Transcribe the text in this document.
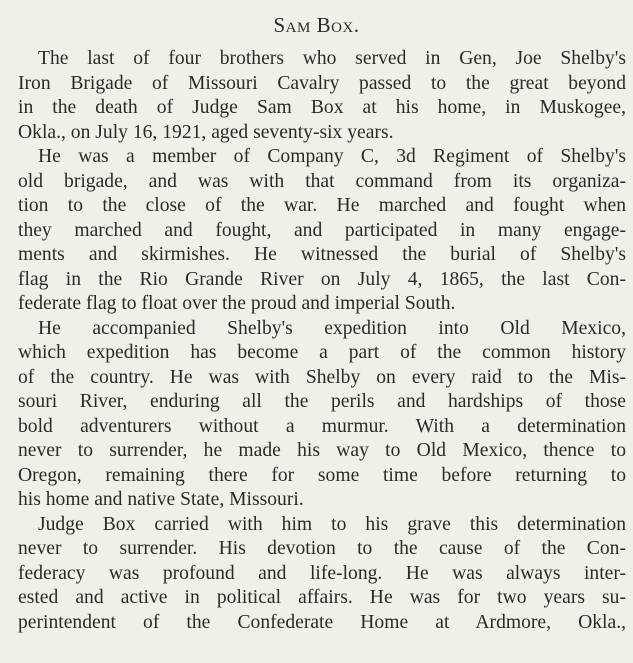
Sam Box.
The last of four brothers who served in Gen, Joe Shelby's
Iron Brigade of Missouri Cavalry passed to the great beyond
in the death of Judge Sam Box at his home, in Muskogee,
Okla., on July 16, 1921, aged seventy-six years.
He was a member of Company C, 3d Regiment of Shelby's
old brigade, and was with that command from its organiza-
tion to the close of the war. He marched and fought when
they marched and fought, and participated in many engage-
ments and skirmishes. He witnessed the burial of Shelby's
flag in the Rio Grande River on July 4, 1865, the last Con-
federate flag to float over the proud and imperial South.
He accompanied Shelby's expedition into Old Mexico,
which expedition has become a part of the common history
of the country. He was with Shelby on every raid to the Mis-
souri River, enduring all the perils and hardships of those
bold adventurers without a murmur. With a determination
never to surrender, he made his way to Old Mexico, thence to
Oregon, remaining there for some time before returning to
his home and native State, Missouri.
Judge Box carried with him to his grave this determination
never to surrender. His devotion to the cause of the Con-
federacy was profound and life-long. He was always inter-
ested and active in political affairs. He was for two years su-
perintendent of the Confederate Home at Ardmore, Okla.,
